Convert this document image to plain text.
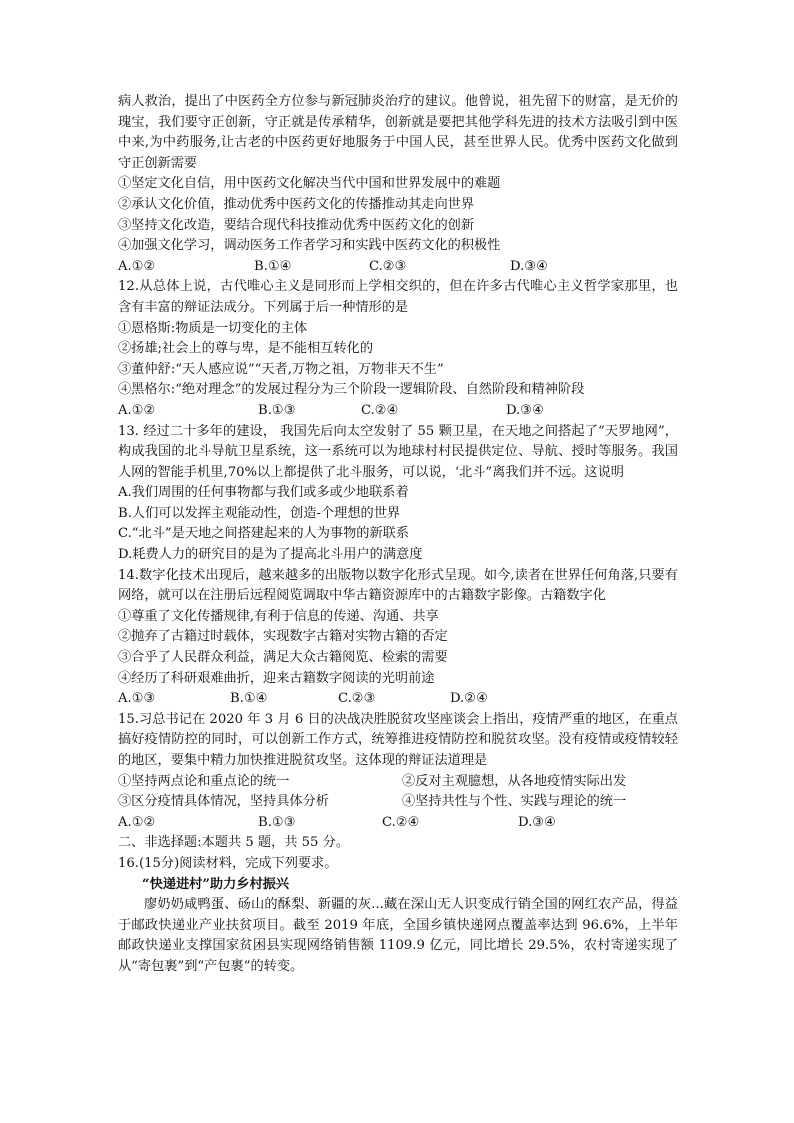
病人救治，提出了中医药全方位参与新冠肺炎治疗的建议。他曾说，祖先留下的财富，是无价的瑰宝，我们要守正创新，守正就是传承精华，创新就是要把其他学科先进的技术方法吸引到中医中来,为中药服务,让古老的中医药更好地服务于中国人民，甚至世界人民。优秀中医药文化做到守正创新需要

①坚定文化自信，用中医药文化解决当代中国和世界发展中的难题
②承认文化价值，推动优秀中医药文化的传播推动其走向世界
③坚持文化改造，要结合现代科技推动优秀中医药文化的创新
④加强文化学习，调动医务工作者学习和实践中医药文化的积极性
A.①②	B.①④	C.②③	D.③④

12.从总体上说，古代唯心主义是同形而上学相交织的，但在许多古代唯心主义哲学家那里，也含有丰富的辩证法成分。下列属于后一种情形的是

①恩格斯:物质是一切变化的主体
②扬雄;社会上的尊与卑，是不能相互转化的
③董仲舒:“天人感应说”“天者,万物之祖，万物非天不生”
④黑格尔:“绝对理念”的发展过程分为三个阶段一逻辑阶段、自然阶段和精神阶段
A.①②	B.①③	C.②④	D.③④

13. 经过二十多年的建设， 我国先后向太空发射了 55 颗卫星，在天地之间搭起了“天罗地网”，构成我国的北斗导航卫星系统，这一系统可以为地球村村民提供定位、导航、授时等服务。我国人网的智能手机里,70%以上都提供了北斗服务，可以说，‘北斗”离我们并不远。这说明

A.我们周围的任何事物都与我们或多或少地联系着
B.人们可以发挥主观能动性，创造-个理想的世界
C.“北斗”是天地之间搭建起来的人为事物的新联系
D.耗费人力的研究目的是为了提高北斗用户的满意度

14.数字化技术出现后，越来越多的出版物以数字化形式呈现。如今,读者在世界任何角落,只要有网络，就可以在注册后远程阅览调取中华古籍资源库中的古籍数字影像。古籍数字化

①尊重了文化传播规律,有利于信息的传递、沟通、共享
②抛弃了古籍过时载体，实现数字古籍对实物古籍的否定
③合乎了人民群众利益，满足大众古籍阅览、检索的需要
④经历了科研艰难曲折，迎来古籍数字阅读的光明前途
A.①③	B.①④	C.②③	D.②④

15.习总书记在 2020 年 3 月 6 日的决战决胜脱贫攻坚座谈会上指出，疫情严重的地区，在重点搞好疫情防控的同时，可以创新工作方式，统筹推进疫情防控和脱贫攻坚。没有疫情或疫情较轻的地区，要集中精力加快推进脱贫攻坚。这体现的辩证法道理是

①坚持两点论和重点论的统一	②反对主观臆想，从各地疫情实际出发
③区分疫情具体情况，坚持具体分析	④坚持共性与个性、实践与理论的统一
A.①②	B.①③	C.②④	D.③④
二、非选择题:本题共 5 题，共 55 分。
16.(15分)阅读材料，完成下列要求。
“快递进村”助力乡村振兴

廖奶奶咸鸭蛋、砀山的酥梨、新疆的灰...藏在深山无人识变成行销全国的网红农产品，得益于邮政快递业产业扶贫项目。截至 2019 年底，全国乡镇快递网点覆盖率达到 96.6%，上半年邮政快递业支撑国家贫困县实现网络销售额 1109.9 亿元，同比增长 29.5%，农村寄递实现了从“寄包裹”到“产包裹”的转变。
